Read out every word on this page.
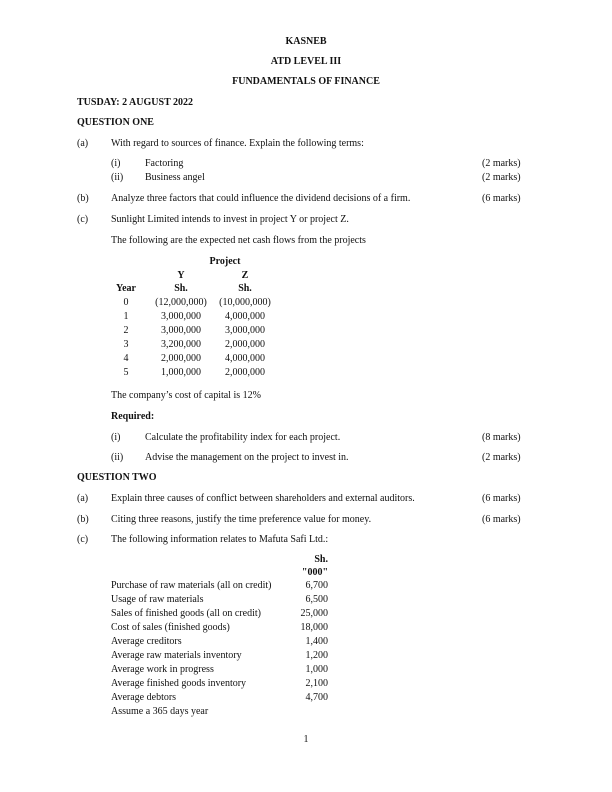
KASNEB
ATD LEVEL III
FUNDAMENTALS OF FINANCE
TUSDAY: 2 AUGUST 2022
QUESTION ONE
(a) With regard to sources of finance. Explain the following terms:
(i) Factoring	(2 marks)
(ii) Business angel	(2 marks)
(b) Analyze three factors that could influence the dividend decisions of a firm.	(6 marks)
(c) Sunlight Limited intends to invest in project Y or project Z.
The following are the expected net cash flows from the projects
Project
Y	Z
Year	Sh.	Sh.
0	(12,000,000)	(10,000,000)
1	3,000,000	4,000,000
2	3,000,000	3,000,000
3	3,200,000	2,000,000
4	2,000,000	4,000,000
5	1,000,000	2,000,000
The company’s cost of capital is 12%
Required:
(i) Calculate the profitability index for each project.	(8 marks)
(ii) Advise the management on the project to invest in.	(2 marks)
QUESTION TWO
(a) Explain three causes of conflict between shareholders and external auditors.	(6 marks)
(b) Citing three reasons, justify the time preference value for money.	(6 marks)
(c) The following information relates to Mafuta Safi Ltd.:
Sh.
"000"
Purchase of raw materials (all on credit)	6,700
Usage of raw materials	6,500
Sales of finished goods (all on credit)	25,000
Cost of sales (finished goods)	18,000
Average creditors	1,400
Average raw materials inventory	1,200
Average work in progress	1,000
Average finished goods inventory	2,100
Average debtors	4,700
Assume a 365 days year
1
